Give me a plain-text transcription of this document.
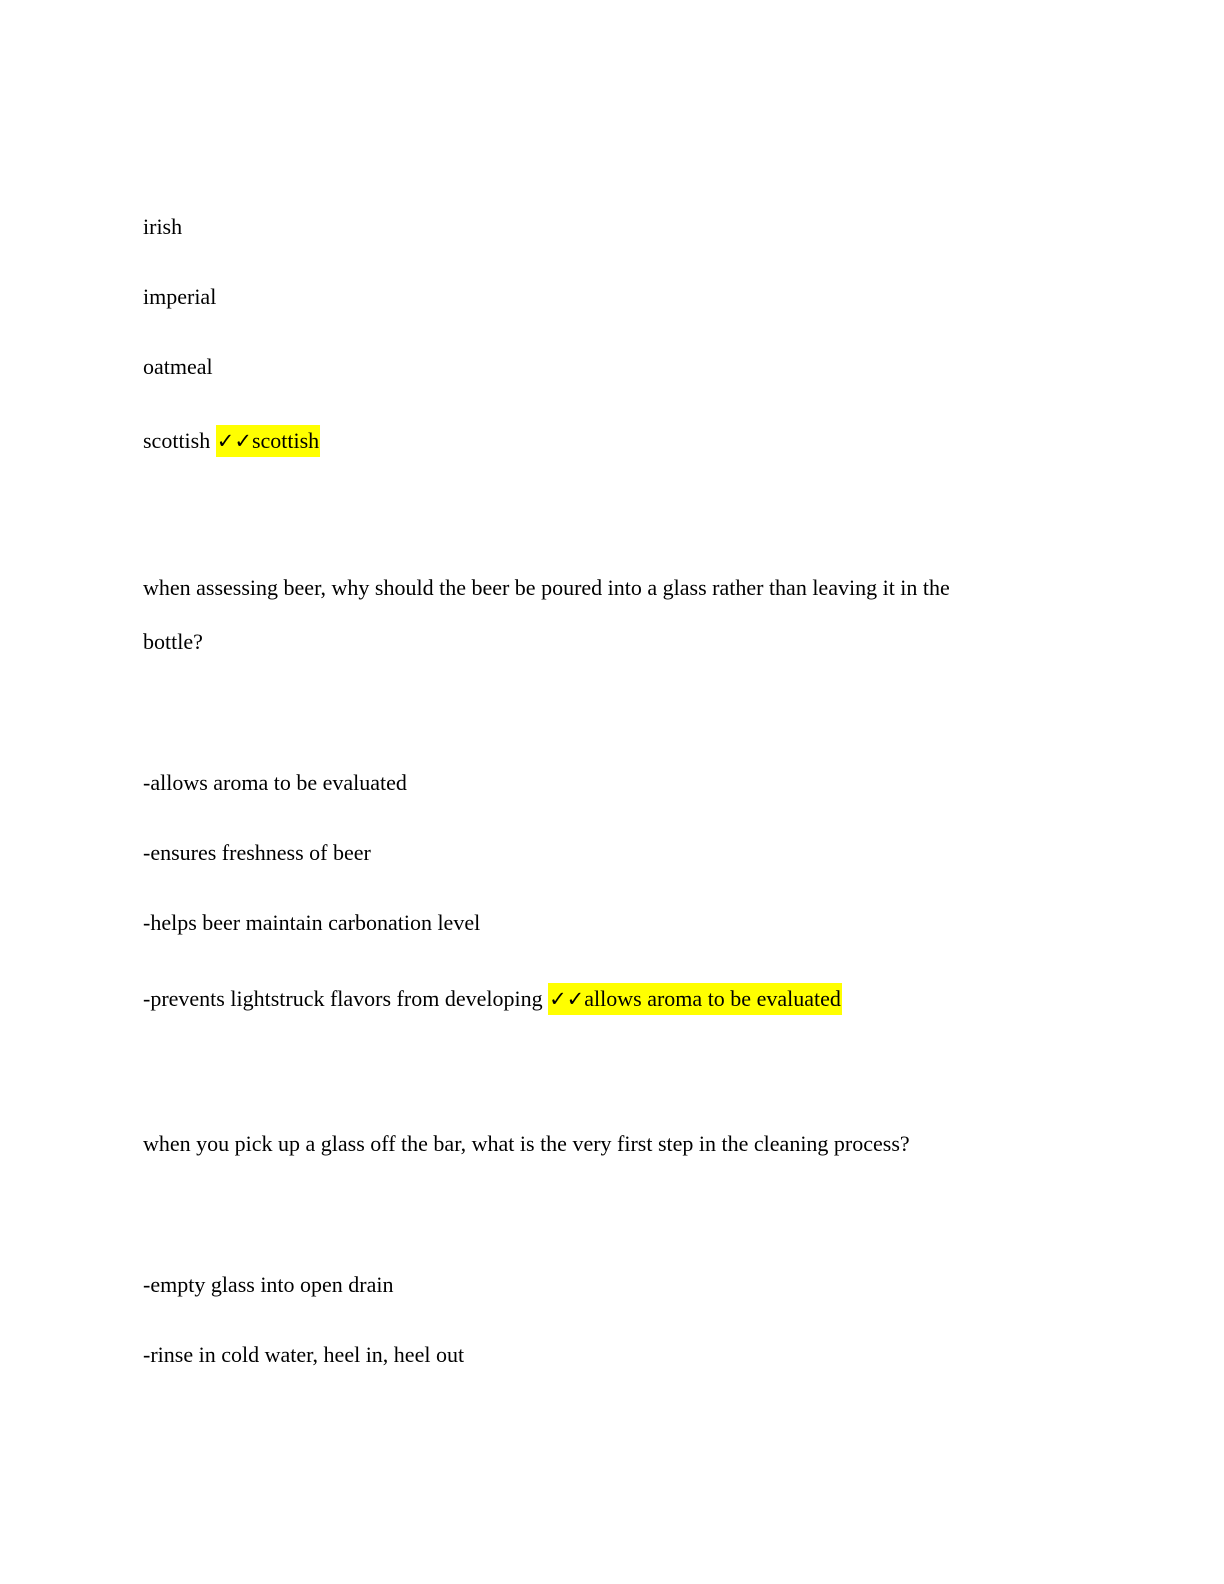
irish
imperial
oatmeal
scottish ✓✓scottish
when assessing beer, why should the beer be poured into a glass rather than leaving it in the
bottle?
-allows aroma to be evaluated
-ensures freshness of beer
-helps beer maintain carbonation level
-prevents lightstruck flavors from developing ✓✓allows aroma to be evaluated
when you pick up a glass off the bar, what is the very first step in the cleaning process?
-empty glass into open drain
-rinse in cold water, heel in, heel out
